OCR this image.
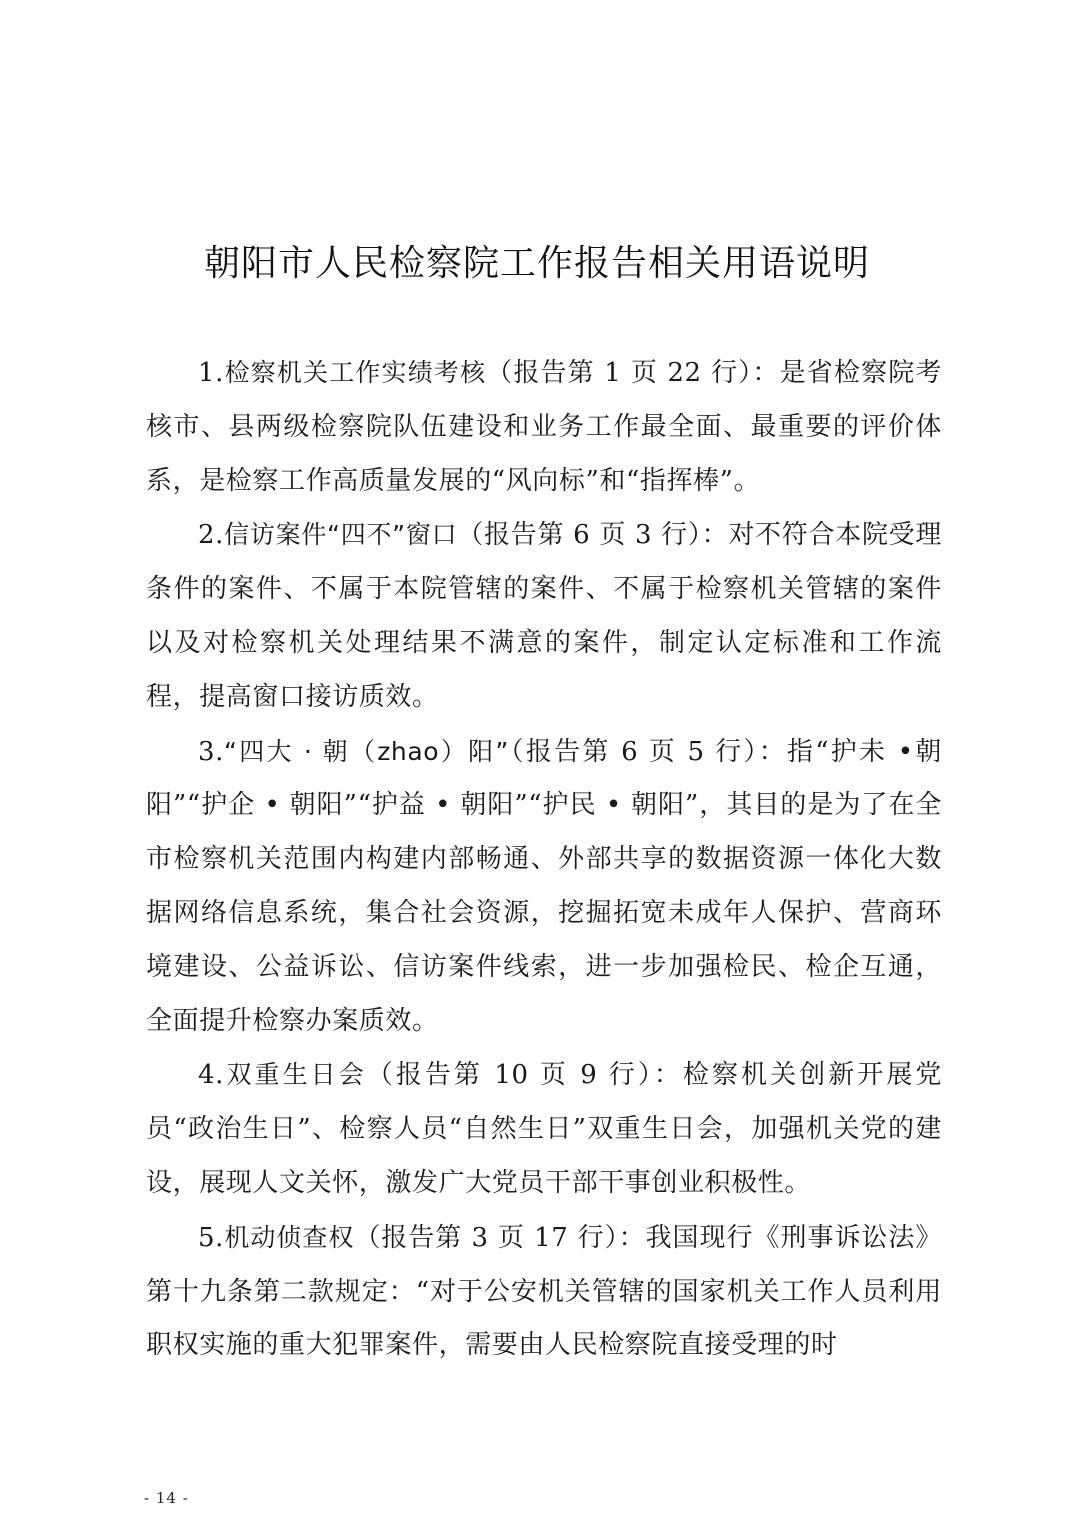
朝阳市人民检察院工作报告相关用语说明

1.检察机关工作实绩考核（报告第 1 页 22 行）：是省检察院考核市、县两级检察院队伍建设和业务工作最全面、最重要的评价体系，是检察工作高质量发展的“风向标”和“指挥棒”。

2.信访案件“四不”窗口（报告第 6 页 3 行）：对不符合本院受理条件的案件、不属于本院管辖的案件、不属于检察机关管辖的案件以及对检察机关处理结果不满意的案件，制定认定标准和工作流程，提高窗口接访质效。

3.“四大 · 朝（zhao）阳”（报告第 6 页 5 行）：指“护未 •朝阳”“护企 • 朝阳”“护益 • 朝阳”“护民 • 朝阳”，其目的是为了在全市检察机关范围内构建内部畅通、外部共享的数据资源一体化大数据网络信息系统，集合社会资源，挖掘拓宽未成年人保护、营商环境建设、公益诉讼、信访案件线索，进一步加强检民、检企互通，全面提升检察办案质效。

4.双重生日会（报告第 10 页 9 行）：检察机关创新开展党员“政治生日”、检察人员“自然生日”双重生日会，加强机关党的建设，展现人文关怀，激发广大党员干部干事创业积极性。

5.机动侦查权（报告第 3 页 17 行）：我国现行《刑事诉讼法》第十九条第二款规定：“对于公安机关管辖的国家机关工作人员利用职权实施的重大犯罪案件，需要由人民检察院直接受理的时

- 14 -
